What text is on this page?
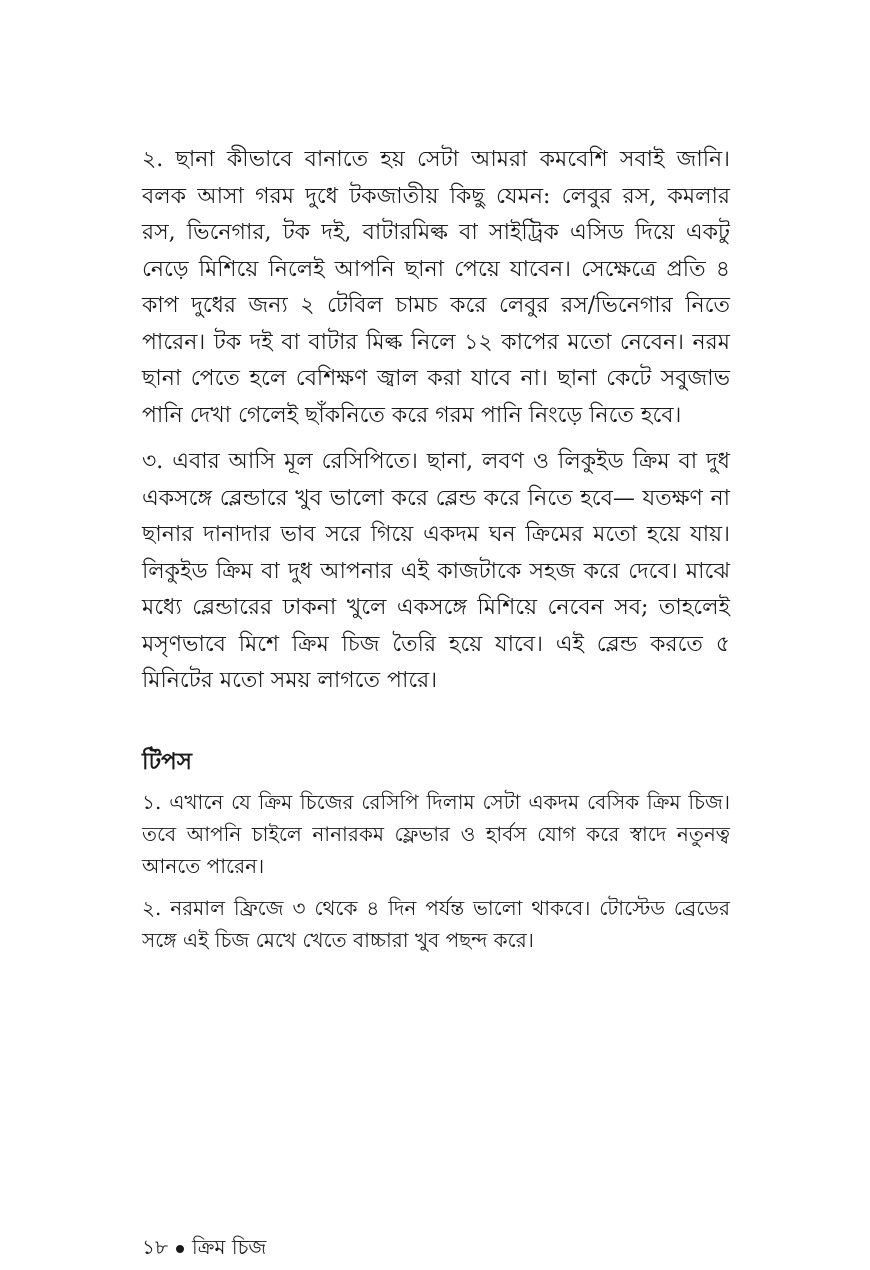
২. ছানা কীভাবে বানাতে হয় সেটা আমরা কমবেশি সবাই জানি। বলক আসা গরম দুধে টকজাতীয় কিছু যেমন: লেবুর রস, কমলার রস, ভিনেগার, টক দই, বাটারমিল্ক বা সাইট্রিক এসিড দিয়ে একটু নেড়ে মিশিয়ে নিলেই আপনি ছানা পেয়ে যাবেন। সেক্ষেত্রে প্রতি ৪ কাপ দুধের জন্য ২ টেবিল চামচ করে লেবুর রস/ভিনেগার নিতে পারেন। টক দই বা বাটার মিল্ক নিলে ১২ কাপের মতো নেবেন। নরম ছানা পেতে হলে বেশিক্ষণ জ্বাল করা যাবে না। ছানা কেটে সবুজাভ পানি দেখা গেলেই ছাঁকনিতে করে গরম পানি নিংড়ে নিতে হবে।

৩. এবার আসি মূল রেসিপিতে। ছানা, লবণ ও লিকুইড ক্রিম বা দুধ একসঙ্গে ব্লেন্ডারে খুব ভালো করে ব্লেন্ড করে নিতে হবে— যতক্ষণ না ছানার দানাদার ভাব সরে গিয়ে একদম ঘন ক্রিমের মতো হয়ে যায়। লিকুইড ক্রিম বা দুধ আপনার এই কাজটাকে সহজ করে দেবে। মাঝে মধ্যে ব্লেন্ডারের ঢাকনা খুলে একসঙ্গে মিশিয়ে নেবেন সব; তাহলেই মসৃণভাবে মিশে ক্রিম চিজ তৈরি হয়ে যাবে। এই ব্লেন্ড করতে ৫ মিনিটের মতো সময় লাগতে পারে।

টিপস

১. এখানে যে ক্রিম চিজের রেসিপি দিলাম সেটা একদম বেসিক ক্রিম চিজ। তবে আপনি চাইলে নানারকম ফ্লেভার ও হার্বস যোগ করে স্বাদে নতুনত্ব আনতে পারেন।

২. নরমাল ফ্রিজে ৩ থেকে ৪ দিন পর্যন্ত ভালো থাকবে। টোস্টেড ব্রেডের সঙ্গে এই চিজ মেখে খেতে বাচ্চারা খুব পছন্দ করে।

১৮ ক্রিম চিজ
